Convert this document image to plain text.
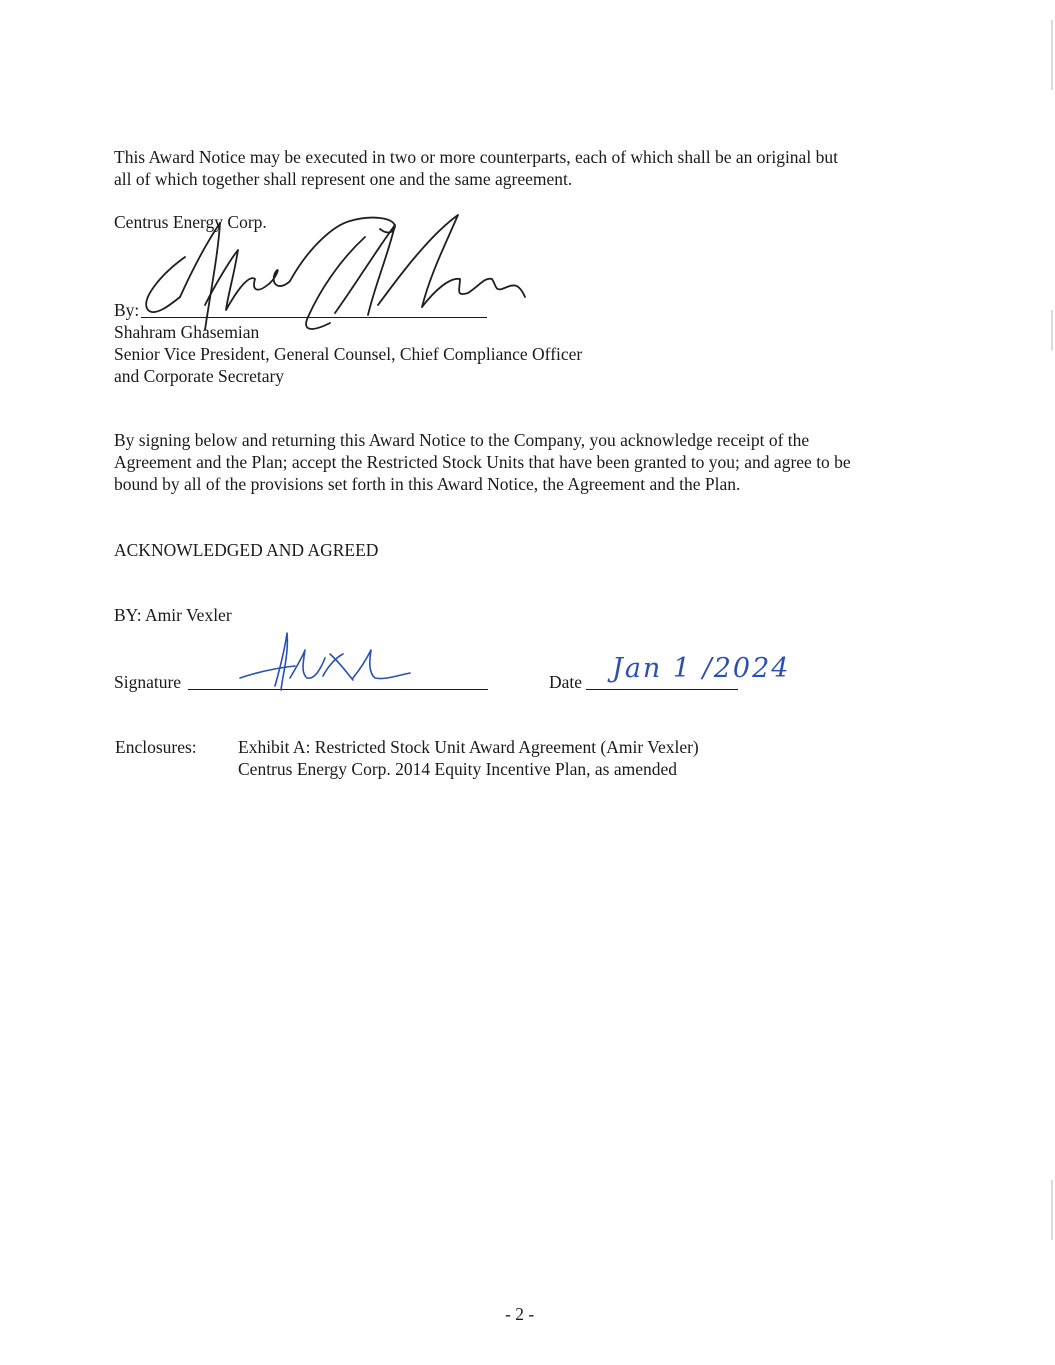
This Award Notice may be executed in two or more counterparts, each of which shall be an original but

all of which together shall represent one and the same agreement.

Centrus Energy Corp.

By:

Shahram Ghasemian

Senior Vice President, General Counsel, Chief Compliance Officer

and Corporate Secretary

By signing below and returning this Award Notice to the Company, you acknowledge receipt of the

Agreement and the Plan; accept the Restricted Stock Units that have been granted to you; and agree to be

bound by all of the provisions set forth in this Award Notice, the Agreement and the Plan.

ACKNOWLEDGED AND AGREED

BY: Amir Vexler

Signature	Date Jan 1 /2024

Enclosures: Exhibit A: Restricted Stock Unit Award Agreement (Amir Vexler)

Centrus Energy Corp. 2014 Equity Incentive Plan, as amended

- 2 -
